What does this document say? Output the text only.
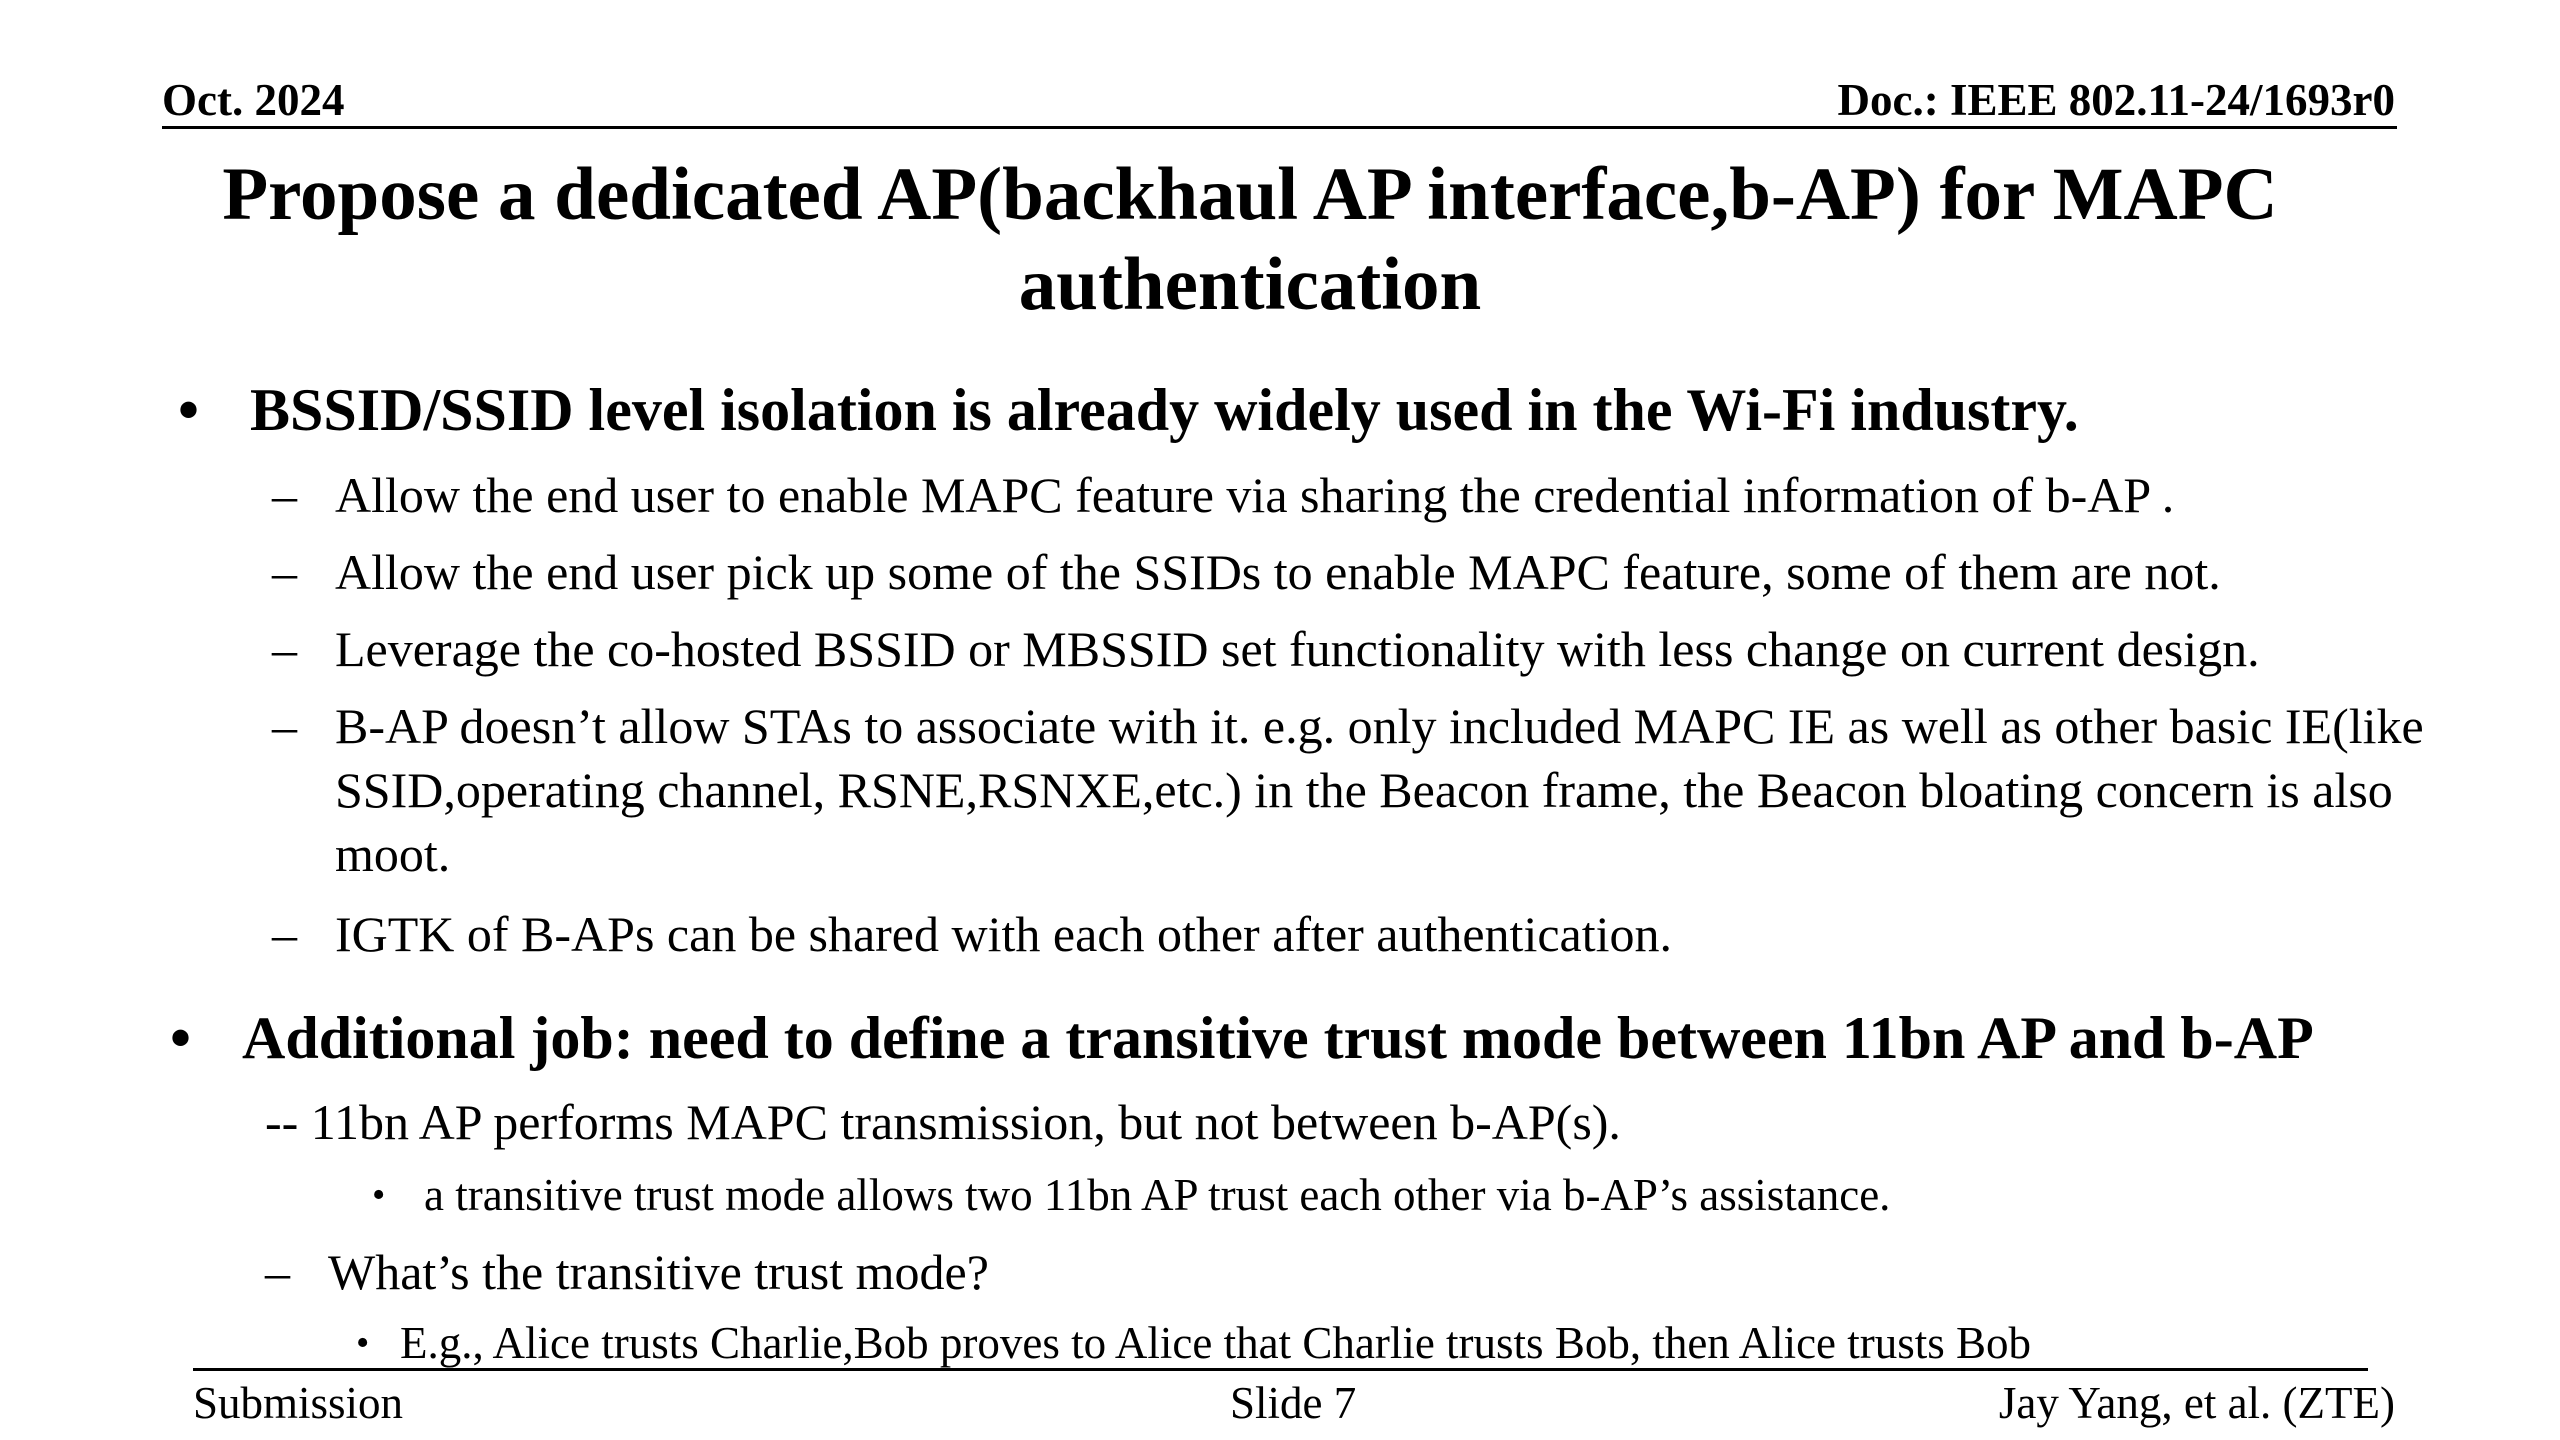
Oct. 2024	Doc.: IEEE 802.11-24/1693r0
Propose a dedicated AP(backhaul AP interface,b-AP) for MAPC
authentication
• BSSID/SSID level isolation is already widely used in the Wi-Fi industry.
– Allow the end user to enable MAPC feature via sharing the credential information of b-AP .
– Allow the end user pick up some of the SSIDs to enable MAPC feature, some of them are not.
– Leverage the co-hosted BSSID or MBSSID set functionality with less change on current design.
– B-AP doesn’t allow STAs to associate with it. e.g. only included MAPC IE as well as other basic IE(like SSID,operating channel, RSNE,RSNXE,etc.) in the Beacon frame, the Beacon bloating concern is also moot.
– IGTK of B-APs can be shared with each other after authentication.
• Additional job: need to define a transitive trust mode between 11bn AP and b-AP
-- 11bn AP performs MAPC transmission, but not between b-AP(s).
• a transitive trust mode allows two 11bn AP trust each other via b-AP’s assistance.
– What’s the transitive trust mode?
• E.g., Alice trusts Charlie,Bob proves to Alice that Charlie trusts Bob, then Alice trusts Bob
Submission	Slide 7	Jay Yang, et al. (ZTE)
